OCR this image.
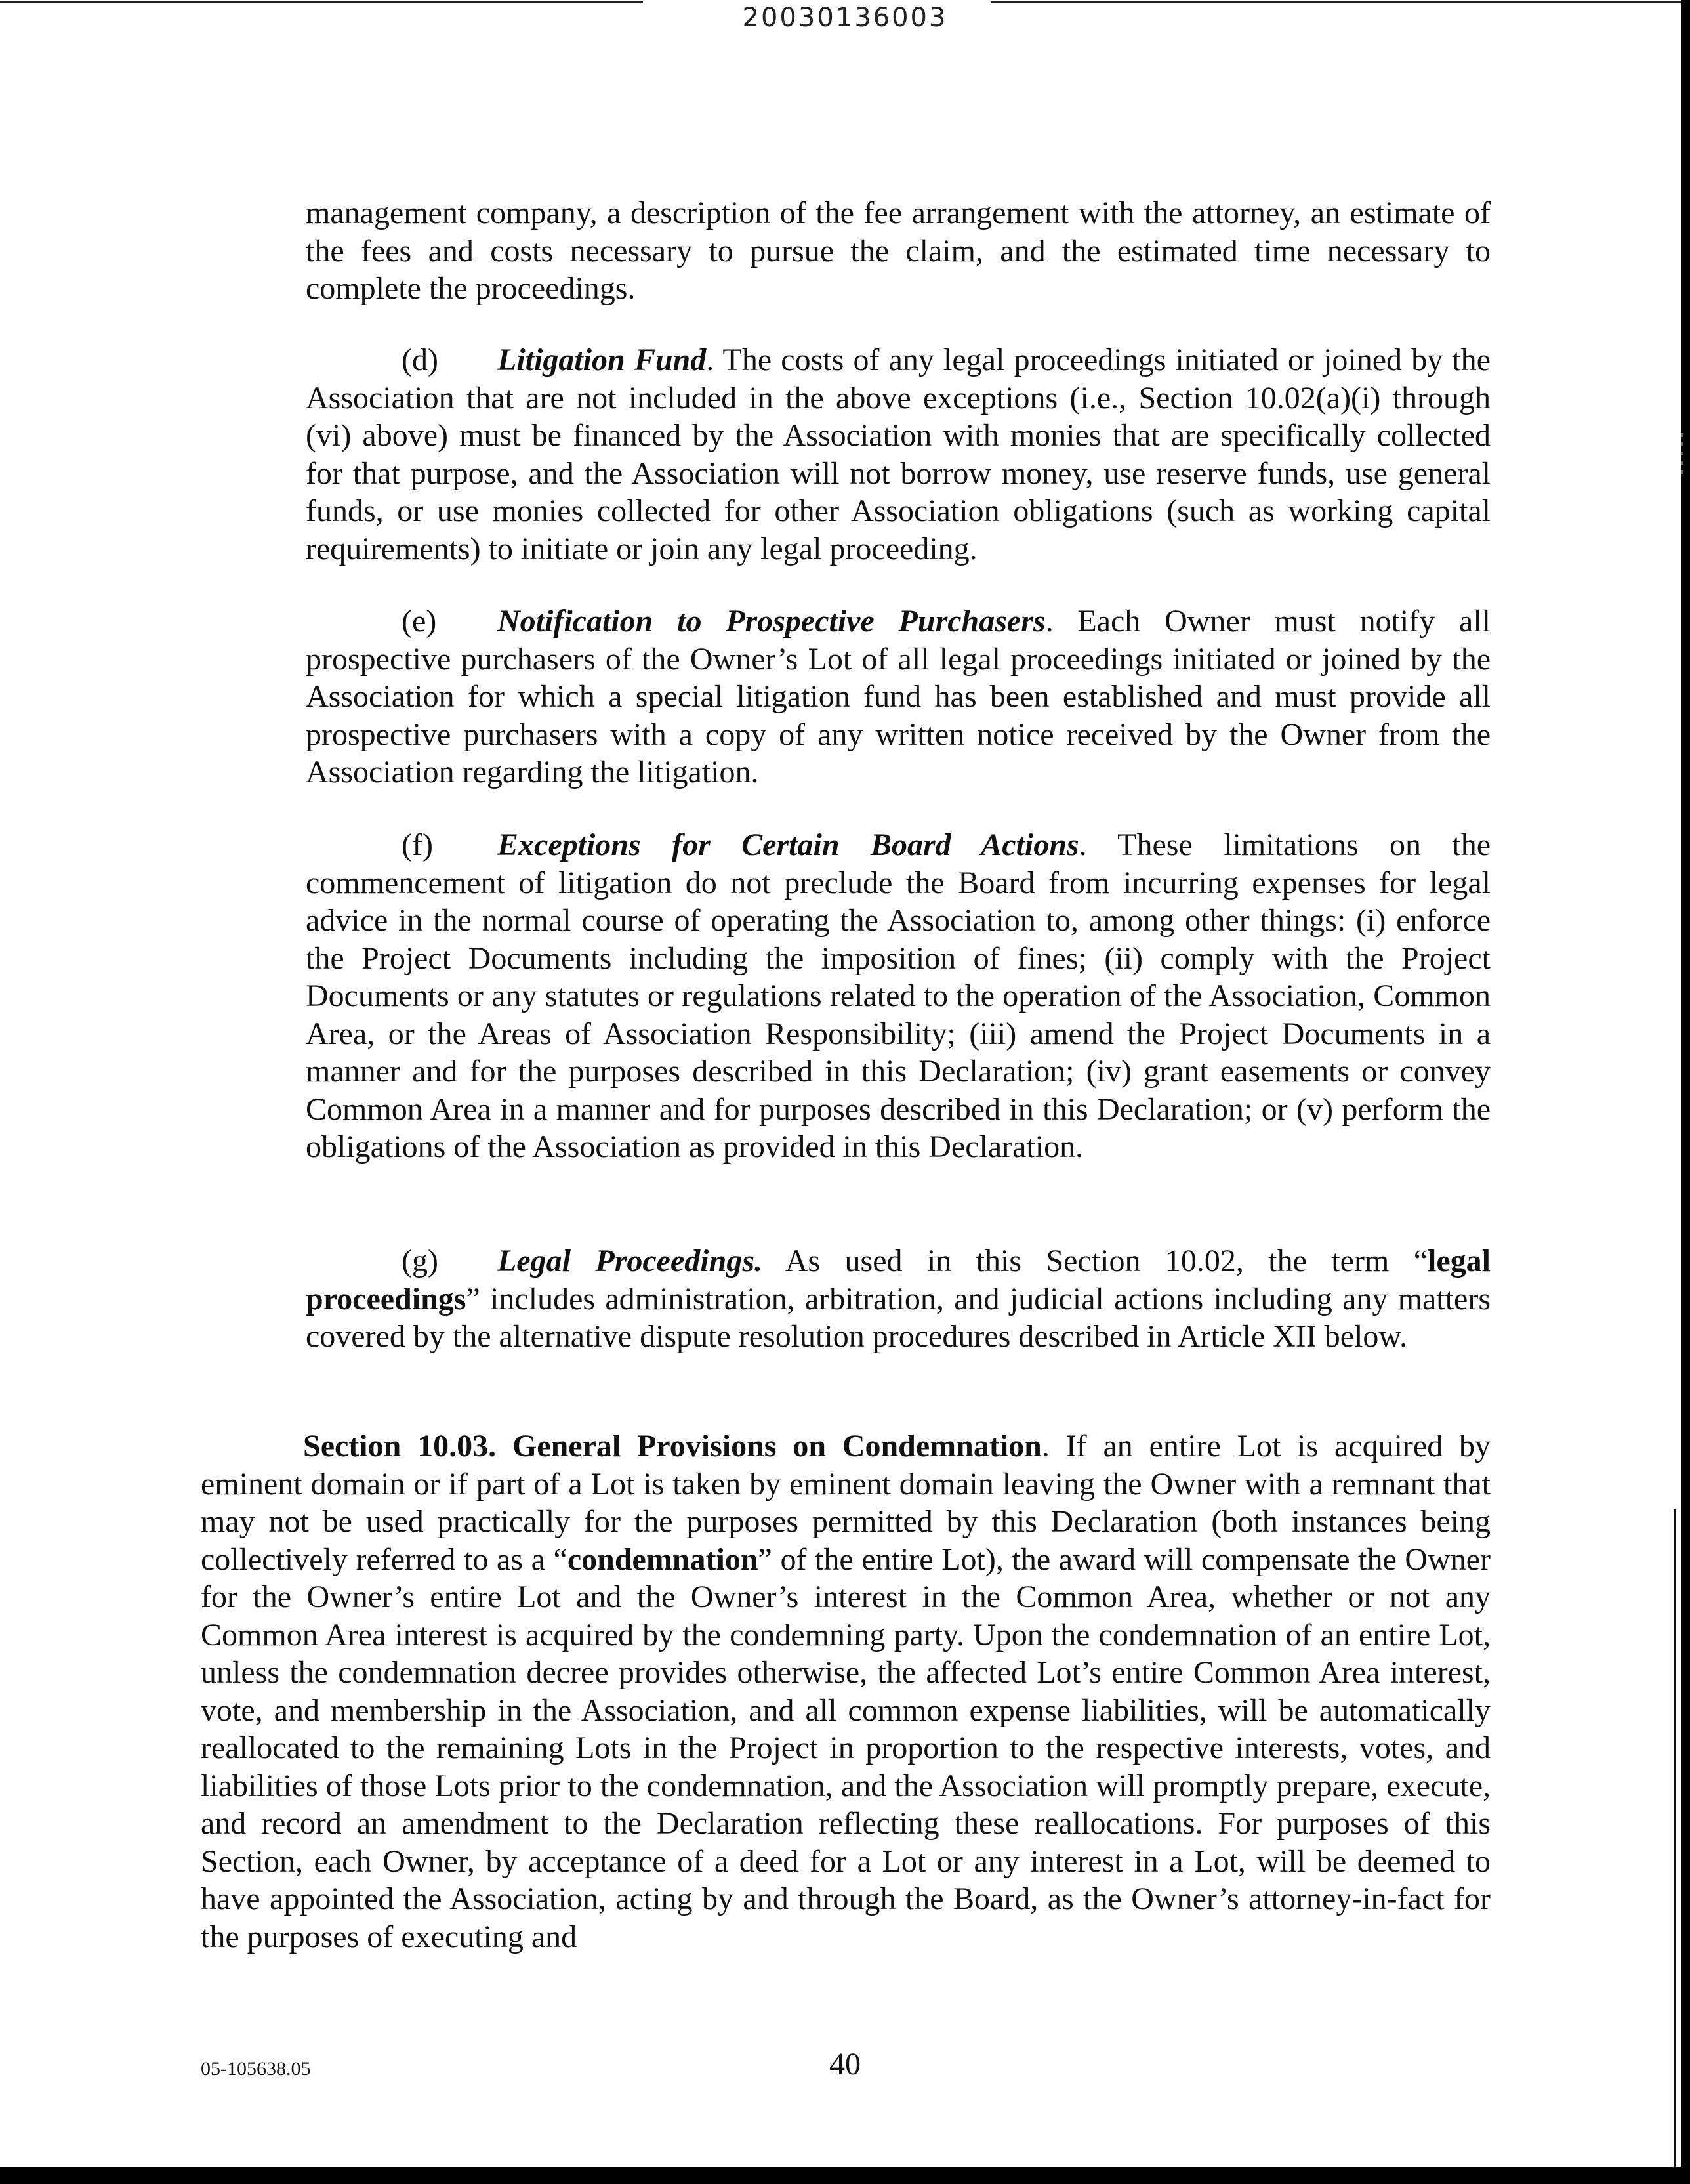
20030136003

management company, a description of the fee arrangement with the attorney, an estimate of the fees and costs necessary to pursue the claim, and the estimated time necessary to complete the proceedings.

(d) Litigation Fund. The costs of any legal proceedings initiated or joined by the Association that are not included in the above exceptions (i.e., Section 10.02(a)(i) through (vi) above) must be financed by the Association with monies that are specifically collected for that purpose, and the Association will not borrow money, use reserve funds, use general funds, or use monies collected for other Association obligations (such as working capital requirements) to initiate or join any legal proceeding.

(e) Notification to Prospective Purchasers. Each Owner must notify all prospective purchasers of the Owner’s Lot of all legal proceedings initiated or joined by the Association for which a special litigation fund has been established and must provide all prospective purchasers with a copy of any written notice received by the Owner from the Association regarding the litigation.

(f) Exceptions for Certain Board Actions. These limitations on the commencement of litigation do not preclude the Board from incurring expenses for legal advice in the normal course of operating the Association to, among other things: (i) enforce the Project Documents including the imposition of fines; (ii) comply with the Project Documents or any statutes or regulations related to the operation of the Association, Common Area, or the Areas of Association Responsibility; (iii) amend the Project Documents in a manner and for the purposes described in this Declaration; (iv) grant easements or convey Common Area in a manner and for purposes described in this Declaration; or (v) perform the obligations of the Association as provided in this Declaration.

(g) Legal Proceedings. As used in this Section 10.02, the term “legal proceedings” includes administration, arbitration, and judicial actions including any matters covered by the alternative dispute resolution procedures described in Article XII below.

Section 10.03. General Provisions on Condemnation. If an entire Lot is acquired by eminent domain or if part of a Lot is taken by eminent domain leaving the Owner with a remnant that may not be used practically for the purposes permitted by this Declaration (both instances being collectively referred to as a “condemnation” of the entire Lot), the award will compensate the Owner for the Owner’s entire Lot and the Owner’s interest in the Common Area, whether or not any Common Area interest is acquired by the condemning party. Upon the condemnation of an entire Lot, unless the condemnation decree provides otherwise, the affected Lot’s entire Common Area interest, vote, and membership in the Association, and all common expense liabilities, will be automatically reallocated to the remaining Lots in the Project in proportion to the respective interests, votes, and liabilities of those Lots prior to the condemnation, and the Association will promptly prepare, execute, and record an amendment to the Declaration reflecting these reallocations. For purposes of this Section, each Owner, by acceptance of a deed for a Lot or any interest in a Lot, will be deemed to have appointed the Association, acting by and through the Board, as the Owner’s attorney-in-fact for the purposes of executing and

05-105638.05	40
